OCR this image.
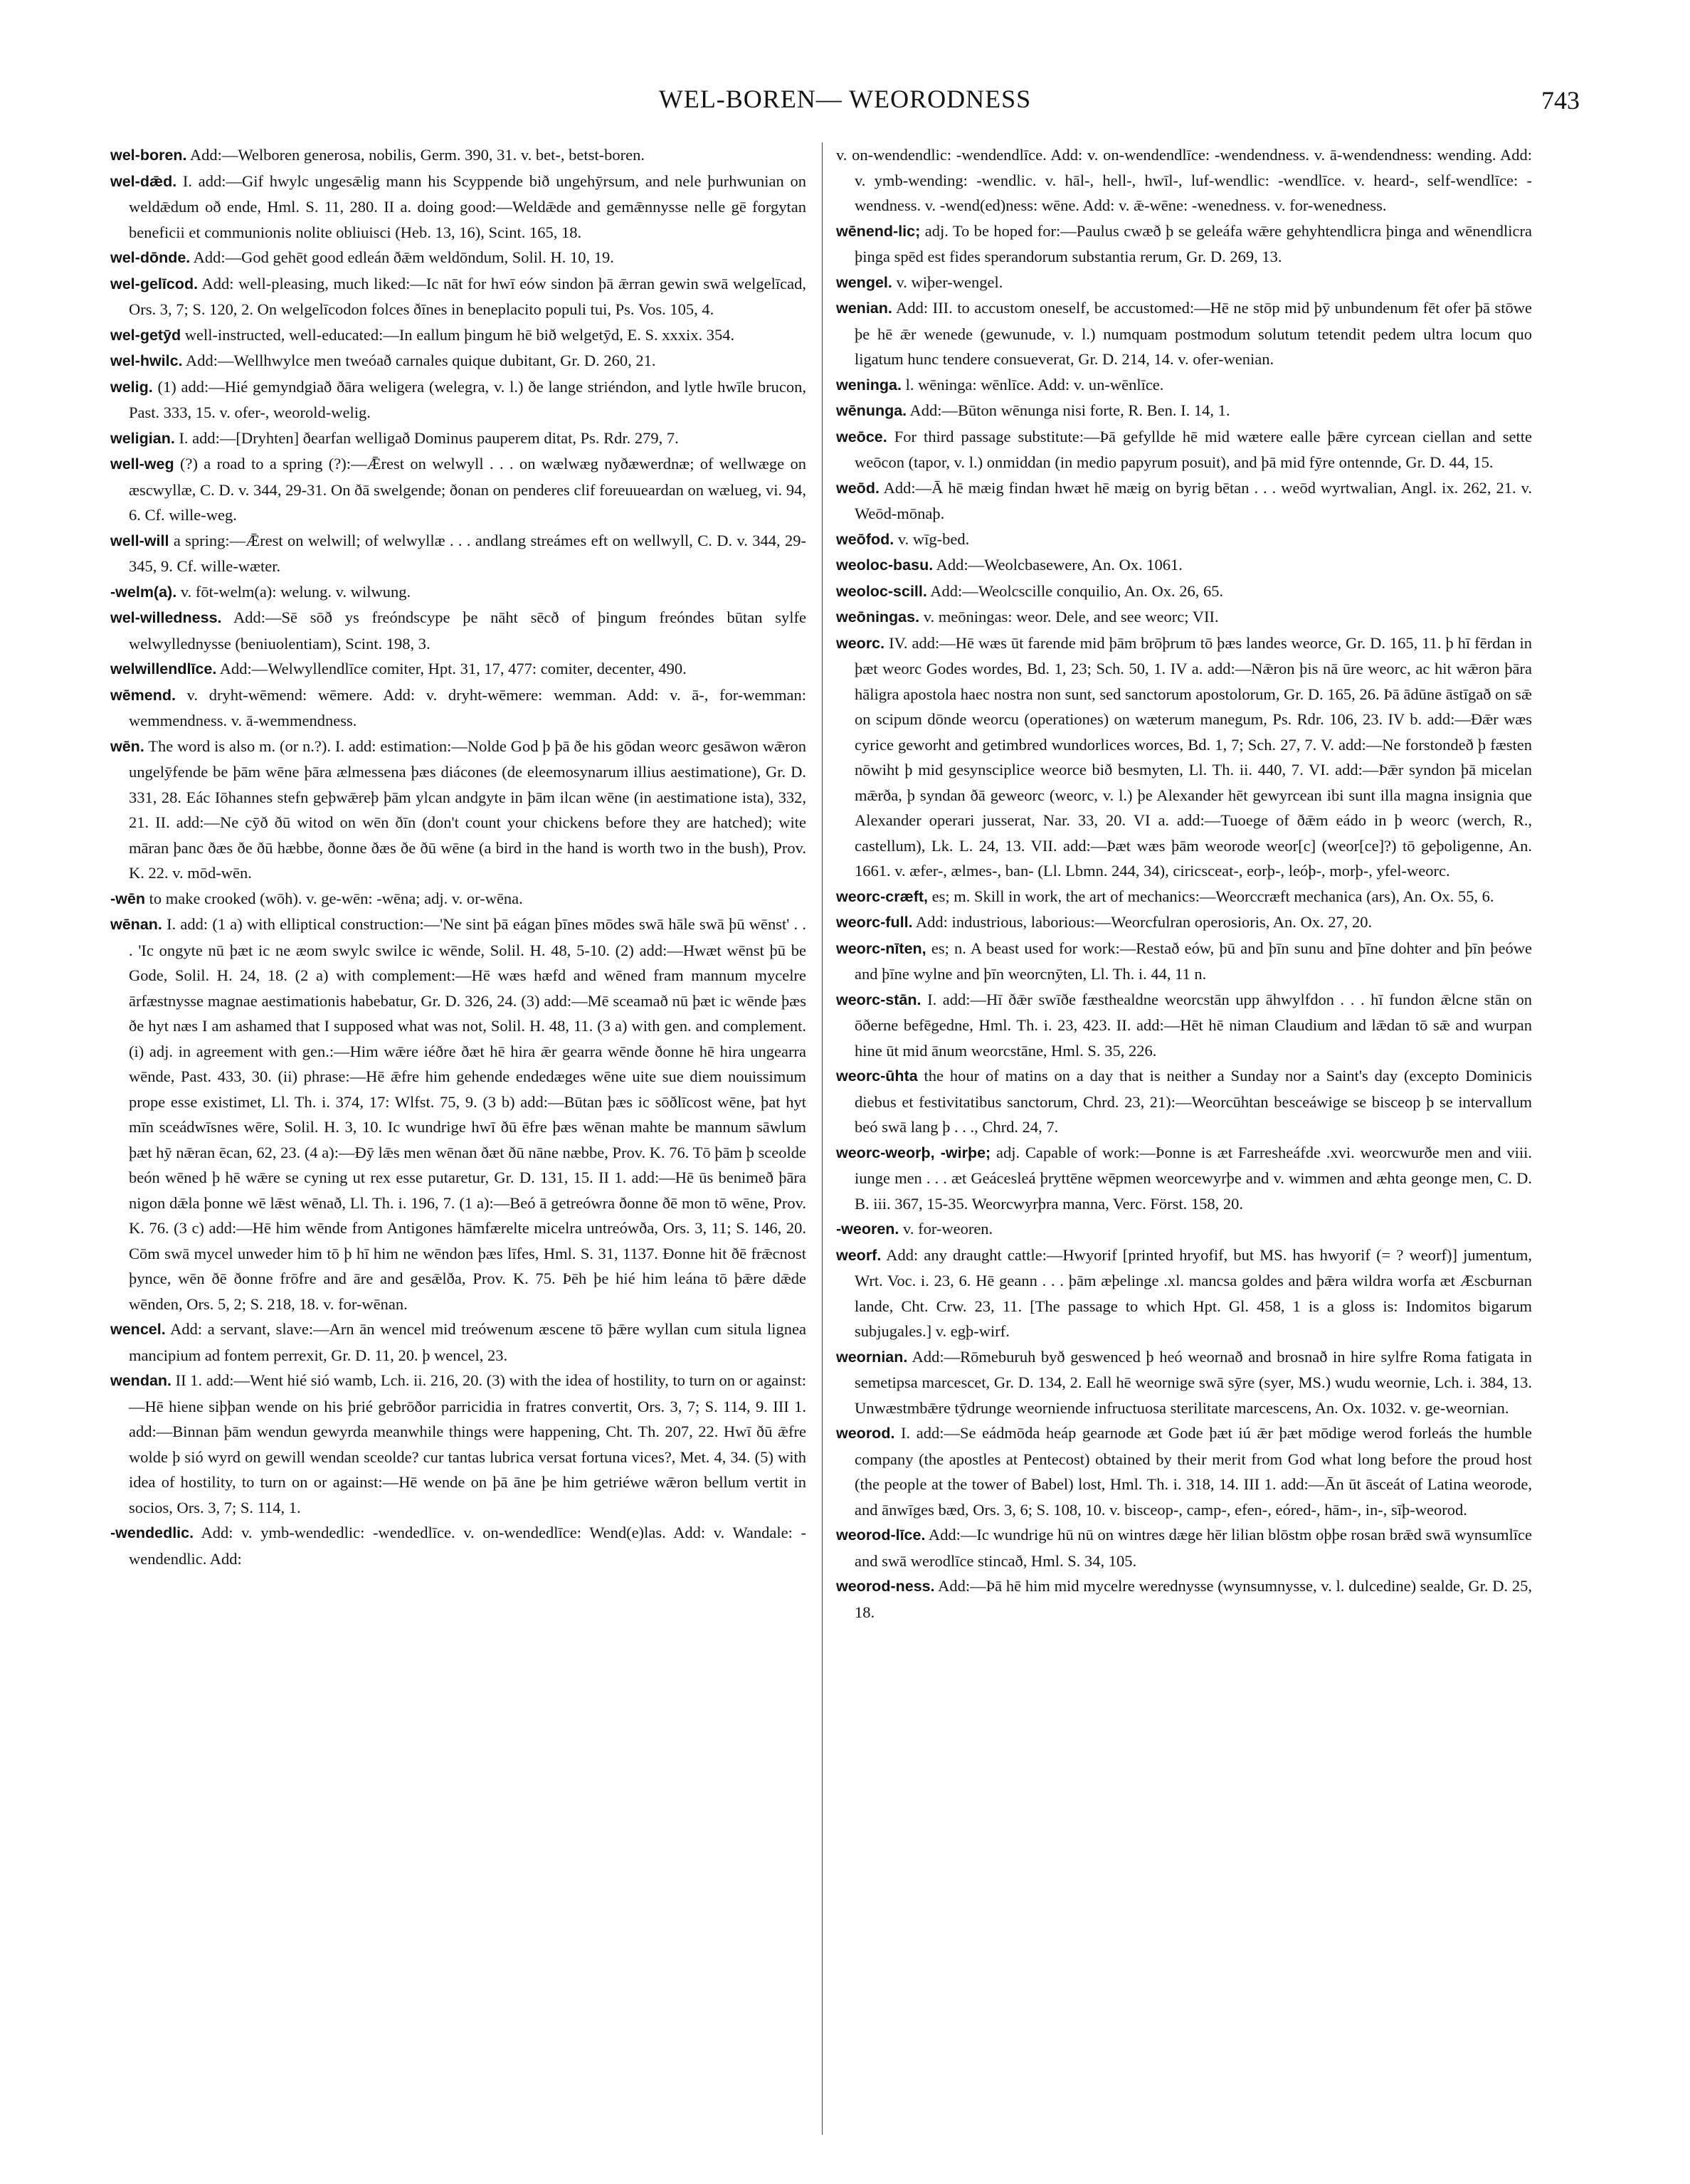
WEL-BOREN— WEORODNESS	743

wel-boren. Add:—Welboren generosa, nobilis, Germ. 390, 31. v. bet-, betst-boren.

wel-dǣd. I. add:—Gif hwylc ungesǣlig mann his Scyppende bið ungehȳrsum, and nele þurhwunian on weldǣdum oð ende, Hml. S. 11, 280. II a. doing good:—Weldǣde and gemǣnnysse nelle gē forgytan beneficii et communionis nolite obliuisci (Heb. 13, 16), Scint. 165, 18.

wel-dōnde. Add:—God gehēt good edleán ðǣm weldōndum, Solil. H. 10, 19.

wel-gelīcod. Add: well-pleasing, much liked:—Ic nāt for hwī eów sindon þā ǣrran gewin swā welgelīcad, Ors. 3, 7; S. 120, 2. On welgelīcodon folces ðīnes in beneplacito populi tui, Ps. Vos. 105, 4.

wel-getȳd well-instructed, well-educated:—In eallum þingum hē bið welgetȳd, E. S. xxxix. 354.

wel-hwilc. Add:—Wellhwylce men tweóað carnales quique dubitant, Gr. D. 260, 21.

welig. (1) add:—Hié gemyndgiað ðāra weligera (welegra, v. l.) ðe lange striéndon, and lytle hwīle brucon, Past. 333, 15. v. ofer-, weorold-welig.

weligian. I. add:—[Dryhten] ðearfan welligað Dominus pauperem ditat, Ps. Rdr. 279, 7.

well-weg (?) a road to a spring (?):—Ǣrest on welwyll . . . on wælwæg nyðæwerdnæ; of wellwæge on æscwyllæ, C. D. v. 344, 29-31. On ðā swelgende; ðonan on penderes clif foreuueardan on wælueg, vi. 94, 6. Cf. wille-weg.

well-will a spring:—Ǣrest on welwill; of welwyllæ . . . andlang streámes eft on wellwyll, C. D. v. 344, 29-345, 9. Cf. wille-wæter.

-welm(a). v. fōt-welm(a): welung. v. wilwung.

wel-willedness. Add:—Sē sōð ys freóndscype þe nāht sēcð of þingum freóndes būtan sylfe welwyllednysse (beniuolentiam), Scint. 198, 3.

welwillendlīce. Add:—Welwyllendlīce comiter, Hpt. 31, 17, 477: comiter, decenter, 490.

wēmend. v. dryht-wēmend: wēmere. Add: v. dryht-wēmere: wemman. Add: v. ā-, for-wemman: wemmendness. v. ā-wemmendness.

wēn. The word is also m. (or n.?). I. add: estimation:—Nolde God þ þā ðe his gōdan weorc gesāwon wǣron ungelȳfende be þām wēne þāra ælmessena þæs diácones (de eleemosynarum illius aestimatione), Gr. D. 331, 28. Eác Iōhannes stefn geþwǣreþ þām ylcan andgyte in þām ilcan wēne (in aestimatione ista), 332, 21. II. add:—Ne cȳð ðū witod on wēn ðīn (don't count your chickens before they are hatched); wite māran þanc ðæs ðe ðū hæbbe, ðonne ðæs ðe ðū wēne (a bird in the hand is worth two in the bush), Prov. K. 22. v. mōd-wēn.

-wēn to make crooked (wōh). v. ge-wēn: -wēna; adj. v. or-wēna.

wēnan. I. add: (1 a) with elliptical construction:—'Ne sint þā eágan þīnes mōdes swā hāle swā þū wēnst' . . . 'Ic ongyte nū þæt ic ne æom swylc swilce ic wēnde, Solil. H. 48, 5-10. (2) add:—Hwæt wēnst þū be Gode, Solil. H. 24, 18. (2 a) with complement:—Hē wæs hæfd and wēned fram mannum mycelre ārfæstnysse magnae aestimationis habebatur, Gr. D. 326, 24. (3) add:—Mē sceamað nū þæt ic wēnde þæs ðe hyt næs I am ashamed that I supposed what was not, Solil. H. 48, 11. (3 a) with gen. and complement. (i) adj. in agreement with gen.:—Him wǣre iéðre ðæt hē hira ǣr gearra wēnde ðonne hē hira ungearra wēnde, Past. 433, 30. (ii) phrase:—Hē ǣfre him gehende endedæges wēne uite sue diem nouissimum prope esse existimet, Ll. Th. i. 374, 17: Wlfst. 75, 9. (3 b) add:—Būtan þæs ic sōðlīcost wēne, þat hyt mīn sceádwīsnes wēre, Solil. H. 3, 10. Ic wundrige hwī ðū ēfre þæs wēnan mahte be mannum sāwlum þæt hȳ nǣran ēcan, 62, 23. (4 a):—Ðȳ lǣs men wēnan ðæt ðū nāne næbbe, Prov. K. 76. Tō þām þ sceolde beón wēned þ hē wǣre se cyning ut rex esse putaretur, Gr. D. 131, 15. II 1. add:—Hē ūs benimeð þāra nigon dǣla þonne wē lǣst wēnað, Ll. Th. i. 196, 7. (1 a):—Beó ā getreówra ðonne ðē mon tō wēne, Prov. K. 76. (3 c) add:—Hē him wēnde from Antigones hāmfærelte micelra untreówða, Ors. 3, 11; S. 146, 20. Cōm swā mycel unweder him tō þ hī him ne wēndon þæs līfes, Hml. S. 31, 1137. Ðonne hit ðē frǣcnost þynce, wēn ðē ðonne frōfre and āre and gesǣlða, Prov. K. 75. Þēh þe hié him leána tō þǣre dǣde wēnden, Ors. 5, 2; S. 218, 18. v. for-wēnan.

wencel. Add: a servant, slave:—Arn ān wencel mid treówenum æscene tō þǣre wyllan cum situla lignea mancipium ad fontem perrexit, Gr. D. 11, 20. þ wencel, 23.

wendan. II 1. add:—Went hié sió wamb, Lch. ii. 216, 20. (3) with the idea of hostility, to turn on or against:—Hē hiene siþþan wende on his þrié gebrōðor parricidia in fratres convertit, Ors. 3, 7; S. 114, 9. III 1. add:—Binnan þām wendun gewyrda meanwhile things were happening, Cht. Th. 207, 22. Hwī ðū ǣfre wolde þ sió wyrd on gewill wendan sceolde? cur tantas lubrica versat fortuna vices?, Met. 4, 34. (5) with idea of hostility, to turn on or against:—Hē wende on þā āne þe him getriéwe wǣron bellum vertit in socios, Ors. 3, 7; S. 114, 1.

-wendedlic. Add: v. ymb-wendedlic: -wendedlīce. v. on-wendedlīce: Wend(e)las. Add: v. Wandale: -wendendlic. Add:

v. on-wendendlic: -wendendlīce. Add: v. on-wendendlīce: -wendendness. v. ā-wendendness: wending. Add: v. ymb-wending: -wendlic. v. hāl-, hell-, hwīl-, luf-wendlic: -wendlīce. v. heard-, self-wendlīce: -wendness. v. -wend(ed)ness: wēne. Add: v. ǣ-wēne: -wenedness. v. for-wenedness.

wēnend-lic; adj. To be hoped for:—Paulus cwæð þ se geleáfa wǣre gehyhtendlicra þinga and wēnendlicra þinga spēd est fides sperandorum substantia rerum, Gr. D. 269, 13.

wengel. v. wiþer-wengel.

wenian. Add: III. to accustom oneself, be accustomed:—Hē ne stōp mid þȳ unbundenum fēt ofer þā stōwe þe hē ǣr wenede (gewunude, v. l.) numquam postmodum solutum tetendit pedem ultra locum quo ligatum hunc tendere consueverat, Gr. D. 214, 14. v. ofer-wenian.

weninga. l. wēninga: wēnlīce. Add: v. un-wēnlīce.

wēnunga. Add:—Būton wēnunga nisi forte, R. Ben. I. 14, 1.

weōce. For third passage substitute:—Þā gefyllde hē mid wætere ealle þǣre cyrcean ciellan and sette weōcon (tapor, v. l.) onmiddan (in medio papyrum posuit), and þā mid fȳre ontennde, Gr. D. 44, 15.

weōd. Add:—Ā hē mæig findan hwæt hē mæig on byrig bētan . . . weōd wyrtwalian, Angl. ix. 262, 21. v. Weōd-mōnaþ.

weōfod. v. wīg-bed.

weoloc-basu. Add:—Weolcbasewere, An. Ox. 1061.

weoloc-scill. Add:—Weolcscille conquilio, An. Ox. 26, 65.

weōningas. v. meōningas: weor. Dele, and see weorc; VII.

weorc. IV. add:—Hē wæs ūt farende mid þām brōþrum tō þæs landes weorce, Gr. D. 165, 11. þ hī fērdan in þæt weorc Godes wordes, Bd. 1, 23; Sch. 50, 1. IV a. add:—Nǣron þis nā ūre weorc, ac hit wǣron þāra hāligra apostola haec nostra non sunt, sed sanctorum apostolorum, Gr. D. 165, 26. Þā ādūne āstīgað on sǣ on scipum dōnde weorcu (operationes) on wæterum manegum, Ps. Rdr. 106, 23. IV b. add:—Ðǣr wæs cyrice geworht and getimbred wundorlices worces, Bd. 1, 7; Sch. 27, 7. V. add:—Ne forstondeð þ fæsten nōwiht þ mid gesynsciplice weorce bið besmyten, Ll. Th. ii. 440, 7. VI. add:—Þǣr syndon þā micelan mǣrða, þ syndan ðā geweorc (weorc, v. l.) þe Alexander hēt gewyrcean ibi sunt illa magna insignia que Alexander operari jusserat, Nar. 33, 20. VI a. add:—Tuoege of ðǣm eádo in þ weorc (werch, R., castellum), Lk. L. 24, 13. VII. add:—Þæt wæs þām weorode weor[c] (weor[ce]?) tō geþoligenne, An. 1661. v. æfer-, ælmes-, ban- (Ll. Lbmn. 244, 34), ciricsceat-, eorþ-, leóþ-, morþ-, yfel-weorc.

weorc-cræft, es; m. Skill in work, the art of mechanics:—Weorccræft mechanica (ars), An. Ox. 55, 6.

weorc-full. Add: industrious, laborious:—Weorcfulran operosioris, An. Ox. 27, 20.

weorc-nīten, es; n. A beast used for work:—Restað eów, þū and þīn sunu and þīne dohter and þīn þeówe and þīne wylne and þīn weorcnȳten, Ll. Th. i. 44, 11 n.

weorc-stān. I. add:—Hī ðǣr swīðe fæsthealdne weorcstān upp āhwylfdon . . . hī fundon ǣlcne stān on ōðerne befēgedne, Hml. Th. i. 23, 423. II. add:—Hēt hē niman Claudium and lǣdan tō sǣ and wurpan hine ūt mid ānum weorcstāne, Hml. S. 35, 226.

weorc-ūhta the hour of matins on a day that is neither a Sunday nor a Saint's day (excepto Dominicis diebus et festivitatibus sanctorum, Chrd. 23, 21):—Weorcūhtan besceáwige se bisceop þ se intervallum beó swā lang þ . . ., Chrd. 24, 7.

weorc-weorþ, -wirþe; adj. Capable of work:—Þonne is æt Farresheáfde .xvi. weorcwurðe men and viii. iunge men . . . æt Geácesleá þryttēne wēpmen weorcewyrþe and v. wimmen and æhta geonge men, C. D. B. iii. 367, 15-35. Weorcwyrþra manna, Verc. Först. 158, 20.

-weoren. v. for-weoren.

weorf. Add: any draught cattle:—Hwyorif [printed hryofif, but MS. has hwyorif (= ? weorf)] jumentum, Wrt. Voc. i. 23, 6. Hē geann . . . þām æþelinge .xl. mancsa goldes and þǣra wildra worfa æt Æscburnan lande, Cht. Crw. 23, 11. [The passage to which Hpt. Gl. 458, 1 is a gloss is: Indomitos bigarum subjugales.] v. egþ-wirf.

weornian. Add:—Rōmeburuh byð geswenced þ heó weornað and brosnað in hire sylfre Roma fatigata in semetipsa marcescet, Gr. D. 134, 2. Eall hē weornige swā sȳre (syer, MS.) wudu weornie, Lch. i. 384, 13. Unwæstmbǣre tȳdrunge weorniende infructuosa sterilitate marcescens, An. Ox. 1032. v. ge-weornian.

weorod. I. add:—Se eádmōda heáp gearnode æt Gode þæt iú ǣr þæt mōdige werod forleás the humble company (the apostles at Pentecost) obtained by their merit from God what long before the proud host (the people at the tower of Babel) lost, Hml. Th. i. 318, 14. III 1. add:—Ān ūt āsceát of Latina weorode, and ānwīges bæd, Ors. 3, 6; S. 108, 10. v. bisceop-, camp-, efen-, eóred-, hām-, in-, sīþ-weorod.

weorod-līce. Add:—Ic wundrige hū nū on wintres dæge hēr lilian blōstm oþþe rosan brǣd swā wynsumlīce and swā werodlīce stincað, Hml. S. 34, 105.

weorod-ness. Add:—Þā hē him mid mycelre werednysse (wynsumnysse, v. l. dulcedine) sealde, Gr. D. 25, 18.
